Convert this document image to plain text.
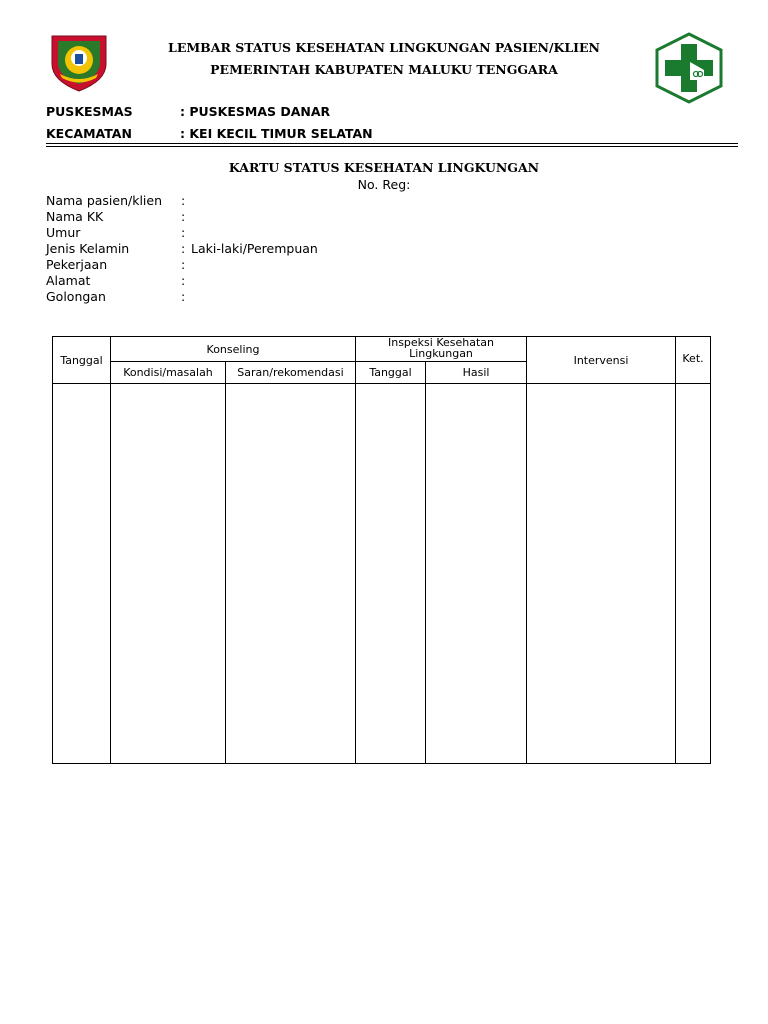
LEMBAR STATUS KESEHATAN LINGKUNGAN PASIEN/KLIEN
PEMERINTAH KABUPATEN MALUKU TENGGARA
PUSKESMAS	: PUSKESMAS DANAR
KECAMATAN	: KEI KECIL TIMUR SELATAN
KARTU STATUS KESEHATAN LINGKUNGAN
No. Reg:
Nama pasien/klien :
Nama KK	:
Umur	:
Jenis Kelamin	: Laki-laki/Perempuan
Pekerjaan	:
Alamat	:
Golongan	:
Tanggal	Konseling		Inspeksi Kesehatan Lingkungan		Intervensi	Ket.
	Kondisi/masalah	Saran/rekomendasi	Tanggal	Hasil		
